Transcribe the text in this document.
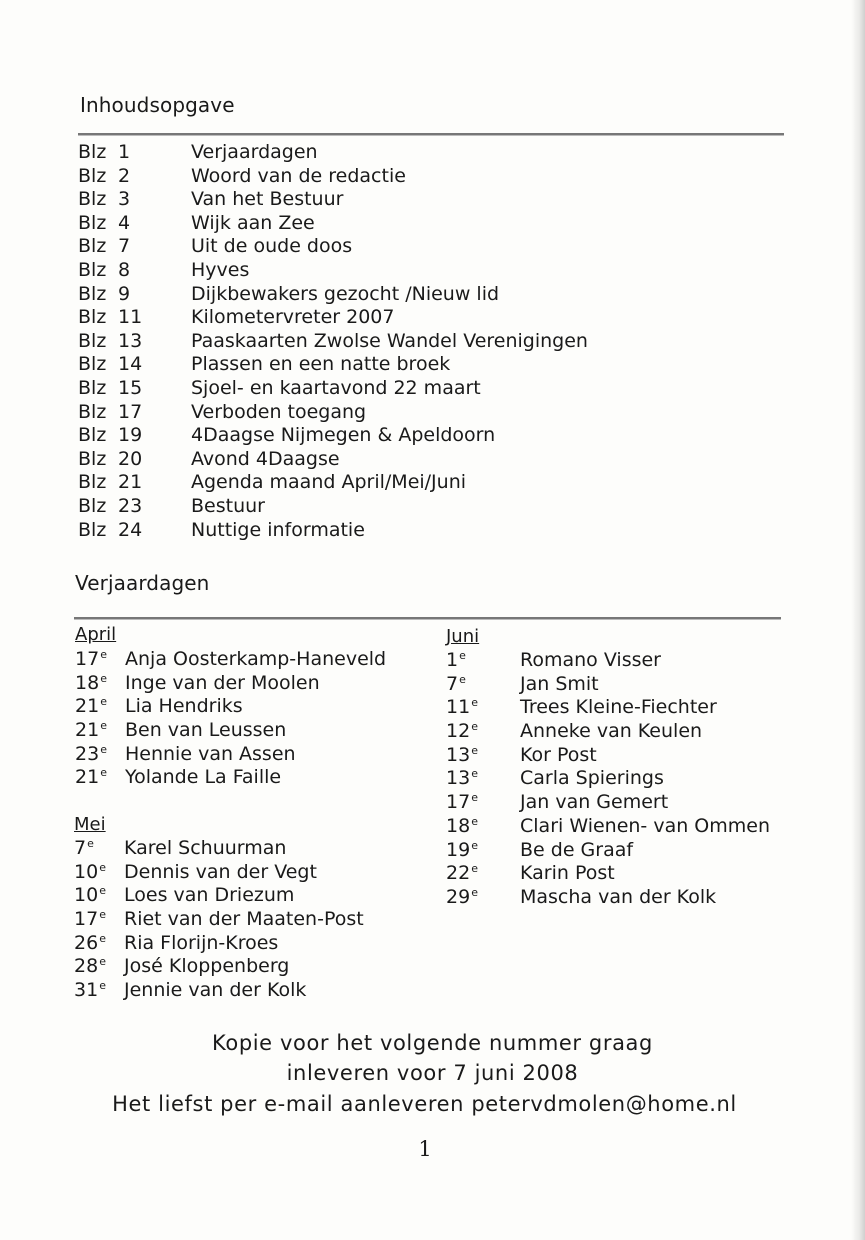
Inhoudsopgave
Blz 1	Verjaardagen
Blz 2	Woord van de redactie
Blz 3	Van het Bestuur
Blz 4	Wijk aan Zee
Blz 7	Uit de oude doos
Blz 8	Hyves
Blz 9	Dijkbewakers gezocht /Nieuw lid
Blz 11	Kilometervreter 2007
Blz 13	Paaskaarten Zwolse Wandel Verenigingen
Blz 14	Plassen en een natte broek
Blz 15	Sjoel- en kaartavond 22 maart
Blz 17	Verboden toegang
Blz 19	4Daagse Nijmegen & Apeldoorn
Blz 20	Avond 4Daagse
Blz 21	Agenda maand April/Mei/Juni
Blz 23	Bestuur
Blz 24	Nuttige informatie
Verjaardagen
April
17e Anja Oosterkamp-Haneveld
18e Inge van der Moolen
21e Lia Hendriks
21e Ben van Leussen
23e Hennie van Assen
21e Yolande La Faille
Mei
7e Karel Schuurman
10e Dennis van der Vegt
10e Loes van Driezum
17e Riet van der Maaten-Post
26e Ria Florijn-Kroes
28e José Kloppenberg
31e Jennie van der Kolk
Juni
1e	Romano Visser
7e	Jan Smit
11e Trees Kleine-Fiechter
12e Anneke van Keulen
13e Kor Post
13e Carla Spierings
17e Jan van Gemert
18e Clari Wienen- van Ommen
19e Be de Graaf
22e Karin Post
29e Mascha van der Kolk
Kopie voor het volgende nummer graag
inleveren voor 7 juni 2008
Het liefst per e-mail aanleveren petervdmolen@home.nl
1
